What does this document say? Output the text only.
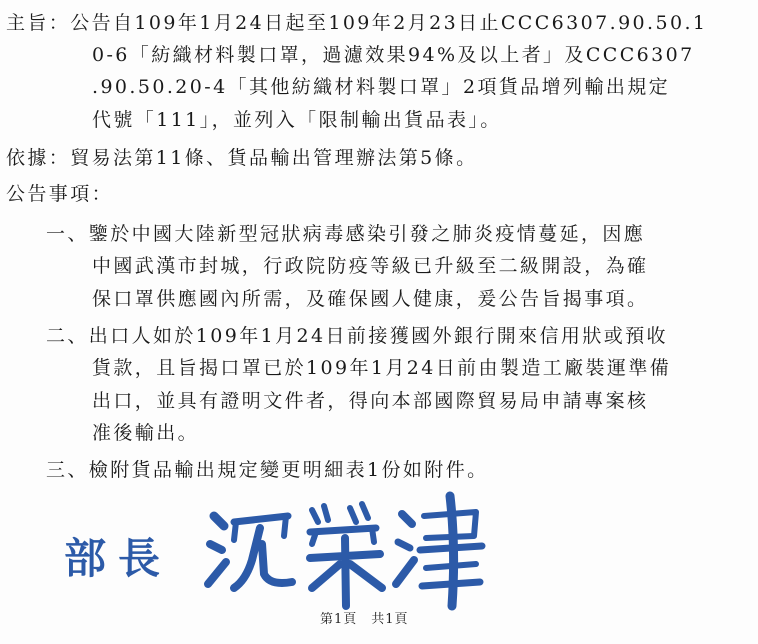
主旨：公告自109年1月24日起至109年2月23日止CCC6307.90.50.1
0-6「紡織材料製口罩，過濾效果94%及以上者」及CCC6307
.90.50.20-4「其他紡織材料製口罩」2項貨品增列輸出規定
代號「111」，並列入「限制輸出貨品表」。
依據：貿易法第11條、貨品輸出管理辦法第5條。
公告事項：
一、鑒於中國大陸新型冠狀病毒感染引發之肺炎疫情蔓延，因應
中國武漢市封城，行政院防疫等級已升級至二級開設，為確
保口罩供應國內所需，及確保國人健康，爰公告旨揭事項。
二、出口人如於109年1月24日前接獲國外銀行開來信用狀或預收
貨款，且旨揭口罩已於109年1月24日前由製造工廠裝運準備
出口，並具有證明文件者，得向本部國際貿易局申請專案核
准後輸出。
三、檢附貨品輸出規定變更明細表1份如附件。
部長
第1頁　共1頁
